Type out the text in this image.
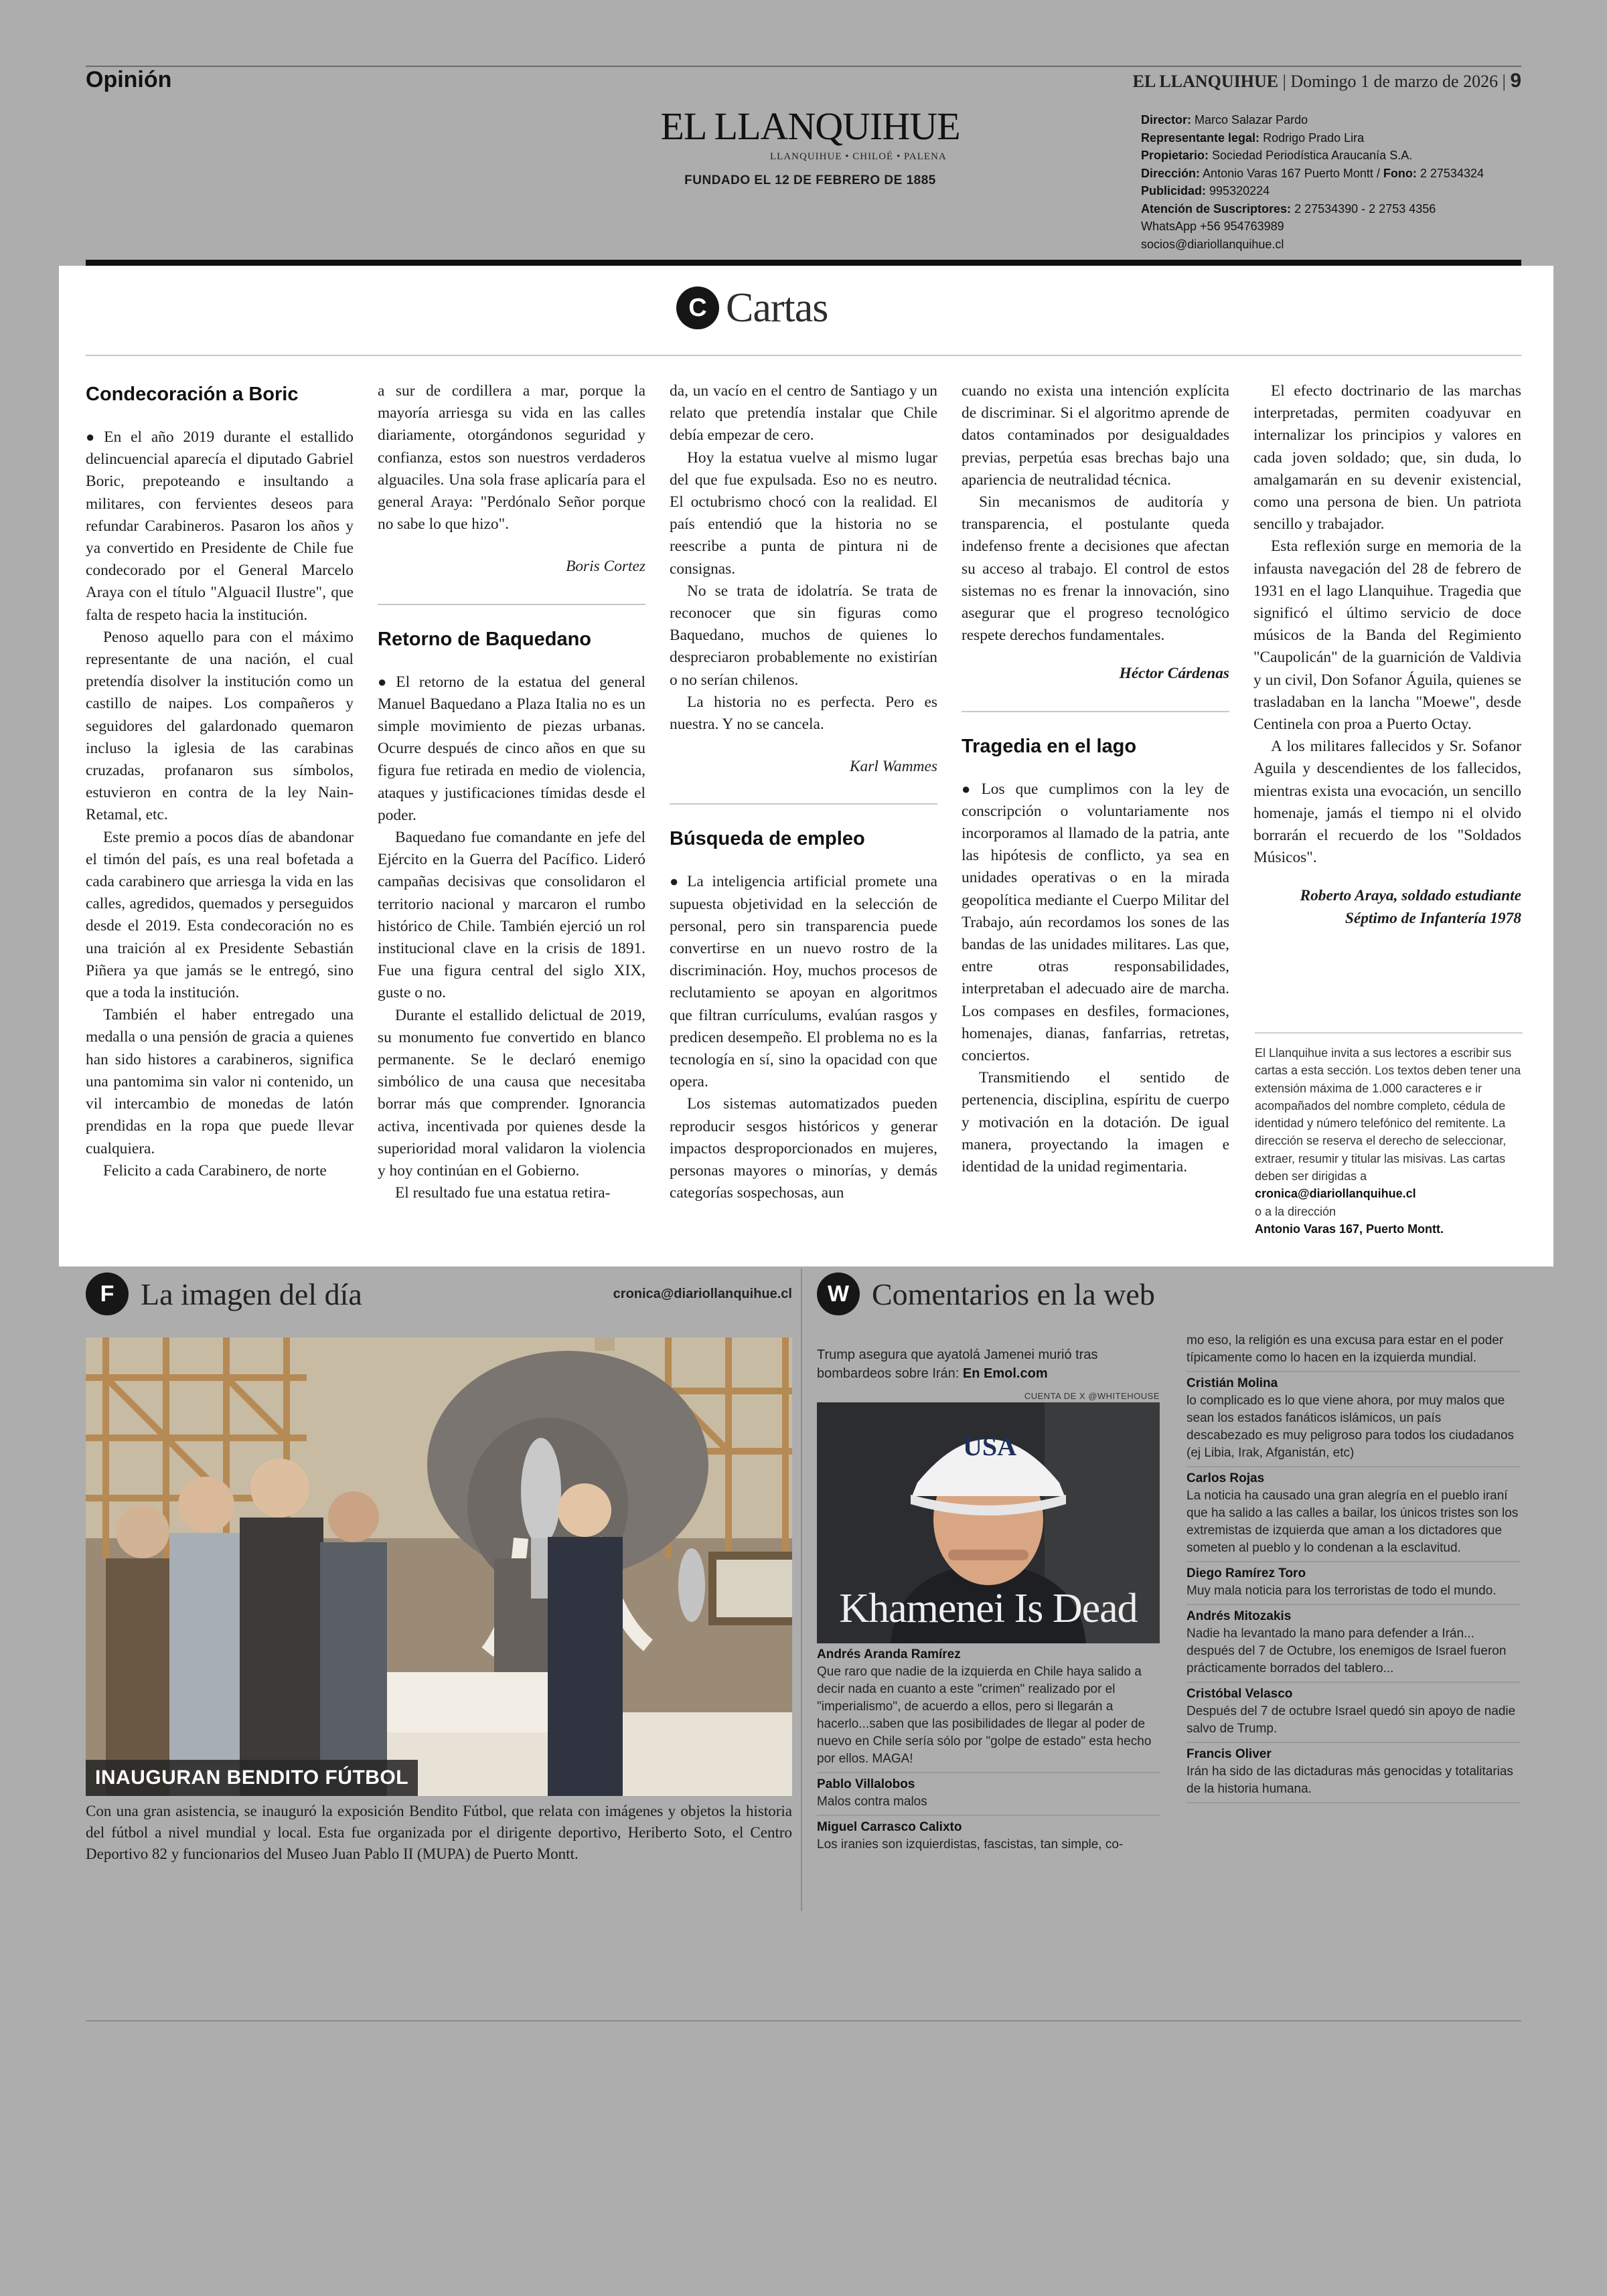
Opinión	EL LLANQUIHUE | Domingo 1 de marzo de 2026 | 9
EL LLANQUIHUE
LLANQUIHUE • CHILOÉ • PALENA
FUNDADO EL 12 DE FEBRERO DE 1885
Director: Marco Salazar Pardo
Representante legal: Rodrigo Prado Lira
Propietario: Sociedad Periodística Araucanía S.A.
Dirección: Antonio Varas 167 Puerto Montt / Fono: 2 27534324
Publicidad: 995320224
Atención de Suscriptores: 2 27534390 - 2 2753 4356
WhatsApp +56 954763989
socios@diariollanquihue.cl
C Cartas
Condecoración a Boric

● En el año 2019 durante el estallido delincuencial aparecía el diputado Gabriel Boric, prepoteando e insultando a militares, con fervientes deseos para refundar Carabineros. Pasaron los años y ya convertido en Presidente de Chile fue condecorado por el General Marcelo Araya con el título "Alguacil Ilustre", que falta de respeto hacia la institución.

Penoso aquello para con el máximo representante de una nación, el cual pretendía disolver la institución como un castillo de naipes. Los compañeros y seguidores del galardonado quemaron incluso la iglesia de las carabinas cruzadas, profanaron sus símbolos, estuvieron en contra de la ley Nain-Retamal, etc.

Este premio a pocos días de abandonar el timón del país, es una real bofetada a cada carabinero que arriesga la vida en las calles, agredidos, quemados y perseguidos desde el 2019. Esta condecoración no es una traición al ex Presidente Sebastián Piñera ya que jamás se le entregó, sino que a toda la institución.

También el haber entregado una medalla o una pensión de gracia a quienes han sido histores a carabineros, significa una pantomima sin valor ni contenido, un vil intercambio de monedas de latón prendidas en la ropa que puede llevar cualquiera.

Felicito a cada Carabinero, de norte

a sur de cordillera a mar, porque la mayoría arriesga su vida en las calles diariamente, otorgándonos seguridad y confianza, estos son nuestros verdaderos alguaciles. Una sola frase aplicaría para el general Araya: "Perdónalo Señor porque no sabe lo que hizo".

Boris Cortez

Retorno de Baquedano

● El retorno de la estatua del general Manuel Baquedano a Plaza Italia no es un simple movimiento de piezas urbanas. Ocurre después de cinco años en que su figura fue retirada en medio de violencia, ataques y justificaciones tímidas desde el poder.

Baquedano fue comandante en jefe del Ejército en la Guerra del Pacífico. Lideró campañas decisivas que consolidaron el territorio nacional y marcaron el rumbo histórico de Chile. También ejerció un rol institucional clave en la crisis de 1891. Fue una figura central del siglo XIX, guste o no.

Durante el estallido delictual de 2019, su monumento fue convertido en blanco permanente. Se le declaró enemigo simbólico de una causa que necesitaba borrar más que comprender. Ignorancia activa, incentivada por quienes desde la superioridad moral validaron la violencia y hoy continúan en el Gobierno.

El resultado fue una estatua retira-

da, un vacío en el centro de Santiago y un relato que pretendía instalar que Chile debía empezar de cero.

Hoy la estatua vuelve al mismo lugar del que fue expulsada. Eso no es neutro. El octubrismo chocó con la realidad. El país entendió que la historia no se reescribe a punta de pintura ni de consignas.

No se trata de idolatría. Se trata de reconocer que sin figuras como Baquedano, muchos de quienes lo despreciaron probablemente no existirían o no serían chilenos.

La historia no es perfecta. Pero es nuestra. Y no se cancela.

Karl Wammes

Búsqueda de empleo

● La inteligencia artificial promete una supuesta objetividad en la selección de personal, pero sin transparencia puede convertirse en un nuevo rostro de la discriminación. Hoy, muchos procesos de reclutamiento se apoyan en algoritmos que filtran currículums, evalúan rasgos y predicen desempeño. El problema no es la tecnología en sí, sino la opacidad con que opera.

Los sistemas automatizados pueden reproducir sesgos históricos y generar impactos desproporcionados en mujeres, personas mayores o minorías, y demás categorías sospechosas, aun

cuando no exista una intención explícita de discriminar. Si el algoritmo aprende de datos contaminados por desigualdades previas, perpetúa esas brechas bajo una apariencia de neutralidad técnica.

Sin mecanismos de auditoría y transparencia, el postulante queda indefenso frente a decisiones que afectan su acceso al trabajo. El control de estos sistemas no es frenar la innovación, sino asegurar que el progreso tecnológico respete derechos fundamentales.

Héctor Cárdenas

Tragedia en el lago

● Los que cumplimos con la ley de conscripción o voluntariamente nos incorporamos al llamado de la patria, ante las hipótesis de conflicto, ya sea en unidades operativas o en la mirada geopolítica mediante el Cuerpo Militar del Trabajo, aún recordamos los sones de las bandas de las unidades militares. Las que, entre otras responsabilidades, interpretaban el adecuado aire de marcha. Los compases en desfiles, formaciones, homenajes, dianas, fanfarrias, retretas, conciertos.

Transmitiendo el sentido de pertenencia, disciplina, espíritu de cuerpo y motivación en la dotación. De igual manera, proyectando la imagen e identidad de la unidad regimentaria.

El efecto doctrinario de las marchas interpretadas, permiten coadyuvar en internalizar los principios y valores en cada joven soldado; que, sin duda, lo amalgamarán en su devenir existencial, como una persona de bien. Un patriota sencillo y trabajador.

Esta reflexión surge en memoria de la infausta navegación del 28 de febrero de 1931 en el lago Llanquihue. Tragedia que significó el último servicio de doce músicos de la Banda del Regimiento "Caupolicán" de la guarnición de Valdivia y un civil, Don Sofanor Águila, quienes se trasladaban en la lancha "Moewe", desde Centinela con proa a Puerto Octay.

A los militares fallecidos y Sr. Sofanor Aguila y descendientes de los fallecidos, mientras exista una evocación, un sencillo homenaje, jamás el tiempo ni el olvido borrarán el recuerdo de los "Soldados Músicos".

Roberto Araya, soldado estudiante

Séptimo de Infantería 1978

El Llanquihue invita a sus lectores a escribir sus cartas a esta sección. Los textos deben tener una extensión máxima de 1.000 caracteres e ir acompañados del nombre completo, cédula de identidad y número telefónico del remitente. La dirección se reserva el derecho de seleccionar, extraer, resumir y titular las misivas. Las cartas deben ser dirigidas a
cronica@diariollanquihue.cl
o a la dirección
Antonio Varas 167, Puerto Montt.
F La imagen del día	cronica@diariollanquihue.cl
INAUGURAN BENDITO FÚTBOL
Con una gran asistencia, se inauguró la exposición Bendito Fútbol, que relata con imágenes y objetos la historia del fútbol a nivel mundial y local. Esta fue organizada por el dirigente deportivo, Heriberto Soto, el Centro Deportivo 82 y funcionarios del Museo Juan Pablo II (MUPA) de Puerto Montt.
W Comentarios en la web
Trump asegura que ayatolá Jamenei murió tras bombardeos sobre Irán: En Emol.com
CUENTA DE X @WHITEHOUSE
USA
Khamenei Is Dead
Andrés Aranda Ramírez
Que raro que nadie de la izquierda en Chile haya salido a decir nada en cuanto a este "crimen" realizado por el "imperialismo", de acuerdo a ellos, pero si llegarán a hacerlo...saben que las posibilidades de llegar al poder de nuevo en Chile sería sólo por "golpe de estado" esta hecho por ellos. MAGA!
Pablo Villalobos
Malos contra malos
Miguel Carrasco Calixto
Los iranies son izquierdistas, fascistas, tan simple, co-
mo eso, la religión es una excusa para estar en el poder típicamente como lo hacen en la izquierda mundial.
Cristián Molina
lo complicado es lo que viene ahora, por muy malos que sean los estados fanáticos islámicos, un país descabezado es muy peligroso para todos los ciudadanos (ej Libia, Irak, Afganistán, etc)
Carlos Rojas
La noticia ha causado una gran alegría en el pueblo iraní que ha salido a las calles a bailar, los únicos tristes son los extremistas de izquierda que aman a los dictadores que someten al pueblo y lo condenan a la esclavitud.
Diego Ramírez Toro
Muy mala noticia para los terroristas de todo el mundo.
Andrés Mitozakis
Nadie ha levantado la mano para defender a Irán... después del 7 de Octubre, los enemigos de Israel fueron prácticamente borrados del tablero...
Cristóbal Velasco
Después del 7 de octubre Israel quedó sin apoyo de nadie salvo de Trump.
Francis Oliver
Irán ha sido de las dictaduras más genocidas y totalitarias de la historia humana.
